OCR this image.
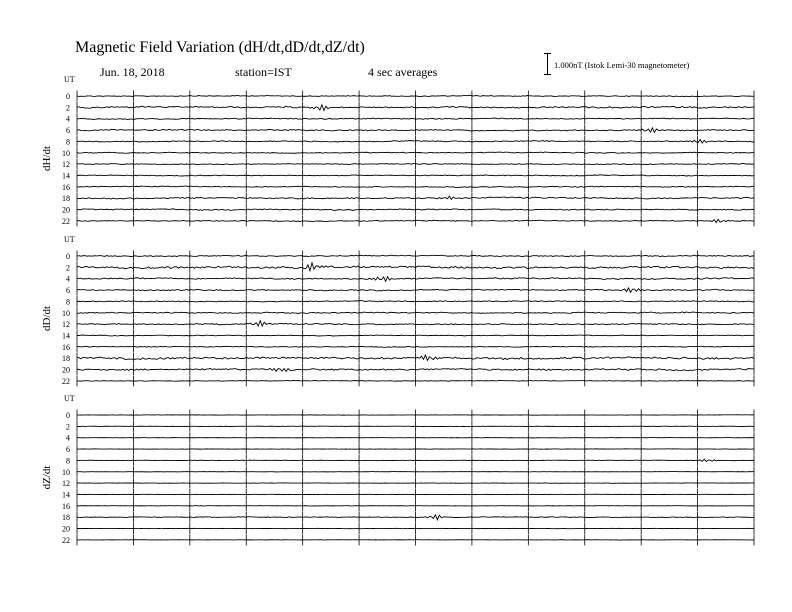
Magnetic Field Variation (dH/dt,dD/dt,dZ/dt)
Jun. 18, 2018	station=IST	4 sec averages	1.000nT (Istok Lemi-30 magnetometer)
UT
dH/dt
0
2
4
6
8
10
12
14
16
18
20
22
UT
dD/dt
0
2
4
6
8
10
12
14
16
18
20
22
UT
dZ/dt
0
2
4
6
8
10
12
14
16
18
20
22
